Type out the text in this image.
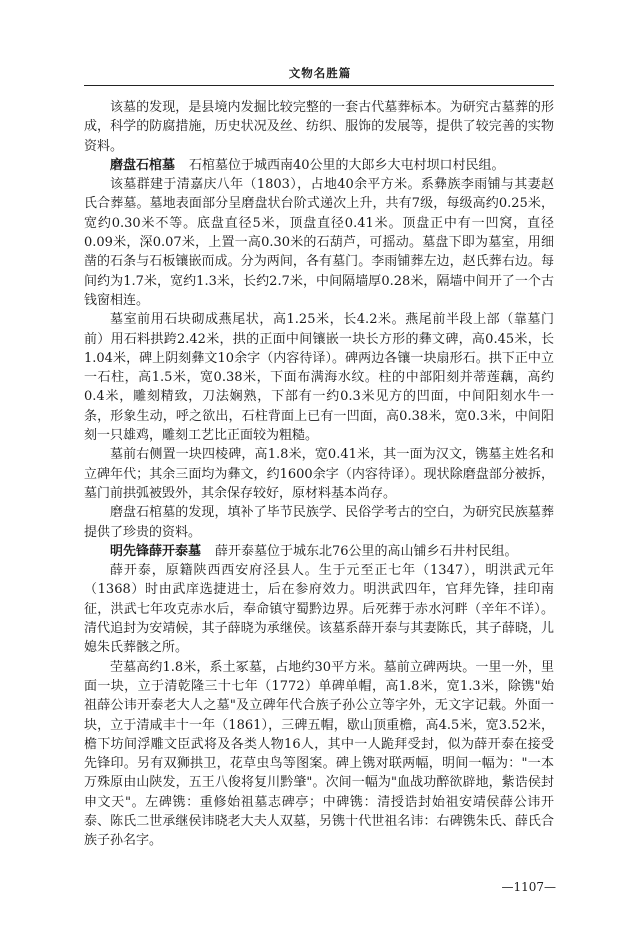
文物名胜篇

该墓的发现，是县境内发掘比较完整的一套古代墓葬标本。为研究古墓葬的形成，科学的防腐措施，历史状况及丝、纺织、服饰的发展等，提供了较完善的实物资料。

磨盘石棺墓 石棺墓位于城西南40公里的大郎乡大屯村坝口村民组。

该墓群建于清嘉庆八年（1803），占地40余平方米。系彝族李雨铺与其妻赵氏合葬墓。墓地表面部分呈磨盘状台阶式递次上升，共有7级，每级高约0.25米，宽约0.30米不等。底盘直径5米，顶盘直径0.41米。顶盘正中有一凹窝，直径0.09米，深0.07米，上置一高0.30米的石葫芦，可摇动。墓盘下即为墓室，用细凿的石条与石板镶嵌而成。分为两间，各有墓门。李雨铺葬左边，赵氏葬右边。每间约为1.7米，宽约1.3米，长约2.7米，中间隔墙厚0.28米，隔墙中间开了一个古钱窗相连。

墓室前用石块砌成燕尾状，高1.25米，长4.2米。燕尾前半段上部（靠墓门前）用石料拱跨2.42米，拱的正面中间镶嵌一块长方形的彝文碑，高0.45米，长1.04米，碑上阴刻彝文10余字（内容待译）。碑两边各镶一块扇形石。拱下正中立一石柱，高1.5米，宽0.38米，下面布满海水纹。柱的中部阳刻并蒂莲藕，高约0.4米，雕刻精致，刀法娴熟，下部有一约0.3米见方的凹面，中间阳刻水牛一条，形象生动，呼之欲出，石柱背面上已有一凹面，高0.38米，宽0.3米，中间阳刻一只雄鸡，雕刻工艺比正面较为粗糙。

墓前右侧置一块四棱碑，高1.8米，宽0.41米，其一面为汉文，镌墓主姓名和立碑年代；其余三面均为彝文，约1600余字（内容待译）。现状除磨盘部分被拆，墓门前拱弧被毁外，其余保存较好，原材料基本尚存。

磨盘石棺墓的发现，填补了毕节民族学、民俗学考古的空白，为研究民族墓葬提供了珍贵的资料。

明先锋薛开泰墓 薛开泰墓位于城东北76公里的高山铺乡石井村民组。

薛开泰，原籍陕西西安府泾县人。生于元至正七年（1347），明洪武元年（1368）时由武庠选捷进士，后在参府效力。明洪武四年，官拜先锋，挂印南征，洪武七年攻克赤水后，奉命镇守蜀黔边界。后死葬于赤水河畔（辛年不详）。清代追封为安靖候，其子薛晓为承继侯。该墓系薛开泰与其妻陈氏，其子薛晓，儿媳朱氏葬骸之所。

茔墓高约1.8米，系土冢墓，占地约30平方米。墓前立碑两块。一里一外，里面一块，立于清乾隆三十七年（1772）单碑单帽，高1.8米，宽1.3米，除镌"始祖薛公讳开泰老大人之墓"及立碑年代合族子孙公立等字外，无文字记载。外面一块，立于清咸丰十一年（1861），三碑五帽，歇山顶重檐，高4.5米，宽3.52米，檐下坊间浮雕文臣武将及各类人物16人，其中一人跪拜受封，似为薛开泰在接受先锋印。另有双狮拱卫，花草虫鸟等图案。碑上镌对联两幅，明间一幅为："一本万殊原由山陕发，五王八俊将复川黔肇"。次间一幅为"血战功醉欲辟地，紫诰侯封申文天"。左碑镌：重修始祖墓志碑亭；中碑镌：清授诰封始祖安靖侯薛公讳开泰、陈氏二世承继侯讳晓老大夫人双墓，另镌十代世祖名讳：右碑镌朱氏、薛氏合族子孙名字。

—1107—
